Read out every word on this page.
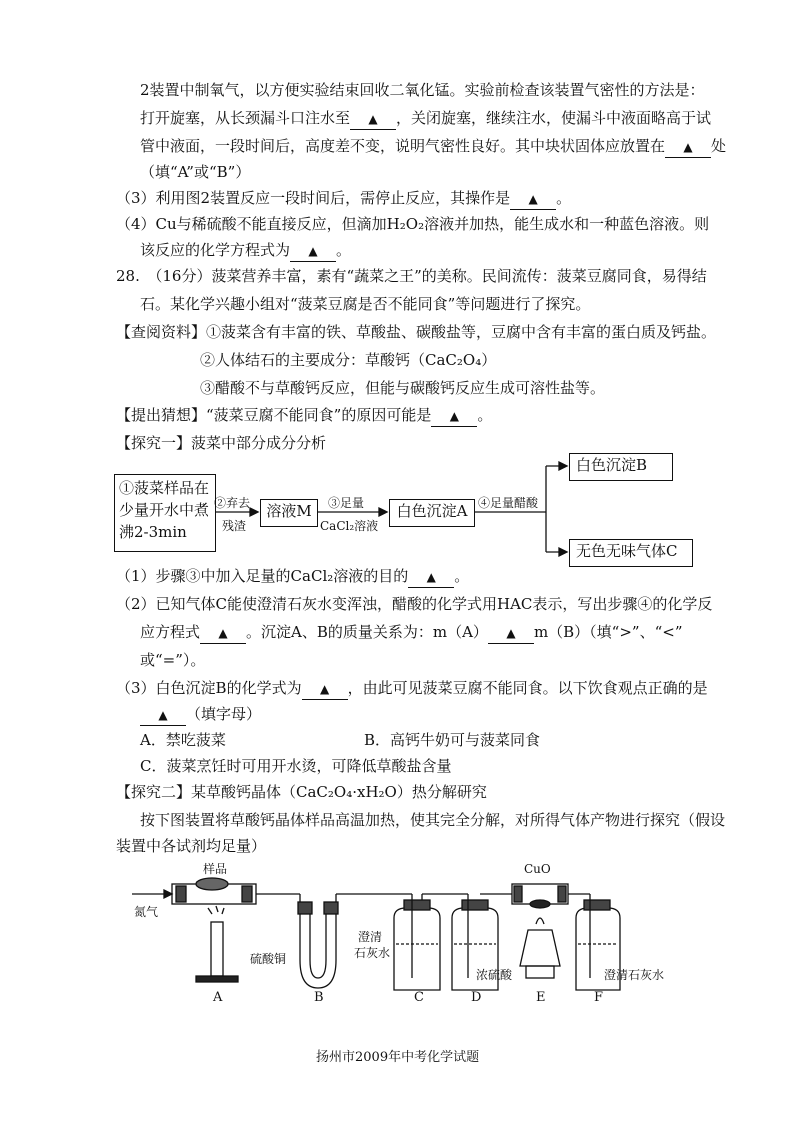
2装置中制氧气，以方便实验结束回收二氧化锰。实验前检查该装置气密性的方法是：
打开旋塞，从长颈漏斗口注水至 ▲ ，关闭旋塞，继续注水，使漏斗中液面略高于试
管中液面，一段时间后，高度差不变，说明气密性良好。其中块状固体应放置在 ▲ 处
（填“A”或“B”）
（3）利用图2装置反应一段时间后，需停止反应，其操作是 ▲ 。
（4）Cu与稀硫酸不能直接反应，但滴加H₂O₂溶液并加热，能生成水和一种蓝色溶液。则
该反应的化学方程式为 ▲ 。
28.　（16分）菠菜营养丰富，素有“蔬菜之王”的美称。民间流传：菠菜豆腐同食，易得结
石。某化学兴趣小组对“菠菜豆腐是否不能同食”等问题进行了探究。
【查阅资料】①菠菜含有丰富的铁、草酸盐、碳酸盐等，豆腐中含有丰富的蛋白质及钙盐。
②人体结石的主要成分：草酸钙（CaC₂O₄）
③醋酸不与草酸钙反应，但能与碳酸钙反应生成可溶性盐等。
【提出猜想】“菠菜豆腐不能同食”的原因可能是 ▲ 。
【探究一】菠菜中部分成分分析
①菠菜样品在少量开水中煮沸2-3min
②弃去
残渣
溶液M	③足量
CaCl₂溶液
白色沉淀A ④足量醋酸
白色沉淀B
无色无味气体C
（1）步骤③中加入足量的CaCl₂溶液的目的 ▲ 。
（2）已知气体C能使澄清石灰水变浑浊，醋酸的化学式用HAC表示，写出步骤④的化学反
应方程式 ▲ 。沉淀A、B的质量关系为：m（A） ▲ m（B）（填“>”、“<”
或“=”）。
（3）白色沉淀B的化学式为 ▲ ，由此可见菠菜豆腐不能同食。以下饮食观点正确的是
▲ （填字母）
A．禁吃菠菜	B．高钙牛奶可与菠菜同食
C．菠菜烹饪时可用开水烫，可降低草酸盐含量
【探究二】某草酸钙晶体（CaC₂O₄·xH₂O）热分解研究
按下图装置将草酸钙晶体样品高温加热，使其完全分解，对所得气体产物进行探究（假设
装置中各试剂均足量）
样品
氮气
硫酸铜
CuO
澄清
石灰水
浓硫酸	澄清石灰水
A	B	C	D	E	F
扬州市2009年中考化学试题
